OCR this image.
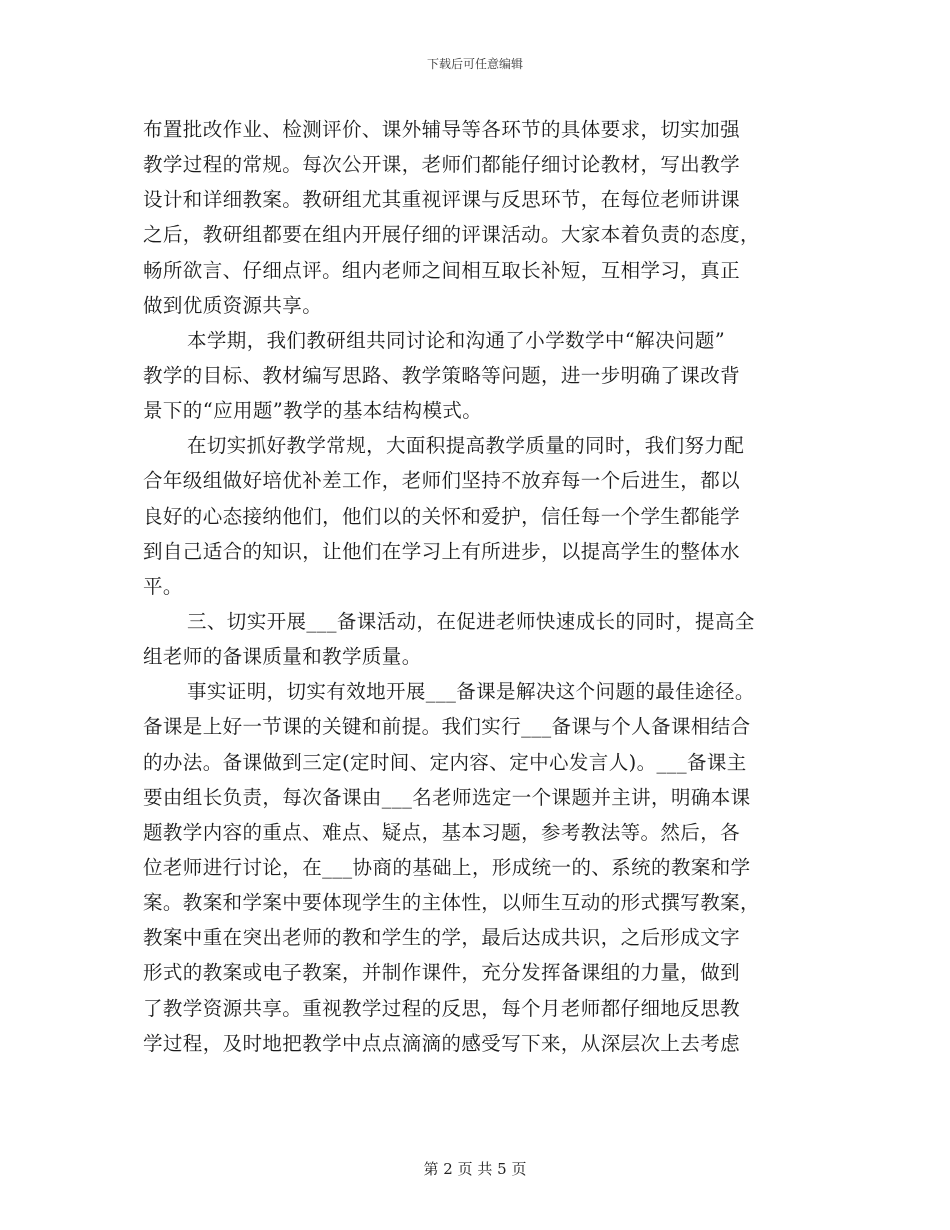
下载后可任意编辑
布置批改作业、检测评价、课外辅导等各环节的具体要求，切实加强
教学过程的常规。每次公开课，老师们都能仔细讨论教材，写出教学
设计和详细教案。教研组尤其重视评课与反思环节，在每位老师讲课
之后，教研组都要在组内开展仔细的评课活动。大家本着负责的态度，
畅所欲言、仔细点评。组内老师之间相互取长补短，互相学习，真正
做到优质资源共享。
本学期，我们教研组共同讨论和沟通了小学数学中“解决问题”
教学的目标、教材编写思路、教学策略等问题，进一步明确了课改背
景下的“应用题”教学的基本结构模式。
在切实抓好教学常规，大面积提高教学质量的同时，我们努力配
合年级组做好培优补差工作，老师们坚持不放弃每一个后进生，都以
良好的心态接纳他们，他们以的关怀和爱护，信任每一个学生都能学
到自己适合的知识，让他们在学习上有所进步，以提高学生的整体水
平。
三、切实开展___备课活动，在促进老师快速成长的同时，提高全
组老师的备课质量和教学质量。
事实证明，切实有效地开展___备课是解决这个问题的最佳途径。
备课是上好一节课的关键和前提。我们实行___备课与个人备课相结合
的办法。备课做到三定(定时间、定内容、定中心发言人)。___备课主
要由组长负责，每次备课由___名老师选定一个课题并主讲，明确本课
题教学内容的重点、难点、疑点，基本习题，参考教法等。然后，各
位老师进行讨论，在___协商的基础上，形成统一的、系统的教案和学
案。教案和学案中要体现学生的主体性，以师生互动的形式撰写教案，
教案中重在突出老师的教和学生的学，最后达成共识，之后形成文字
形式的教案或电子教案，并制作课件，充分发挥备课组的力量，做到
了教学资源共享。重视教学过程的反思，每个月老师都仔细地反思教
学过程，及时地把教学中点点滴滴的感受写下来，从深层次上去考虑
第 2 页 共 5 页
